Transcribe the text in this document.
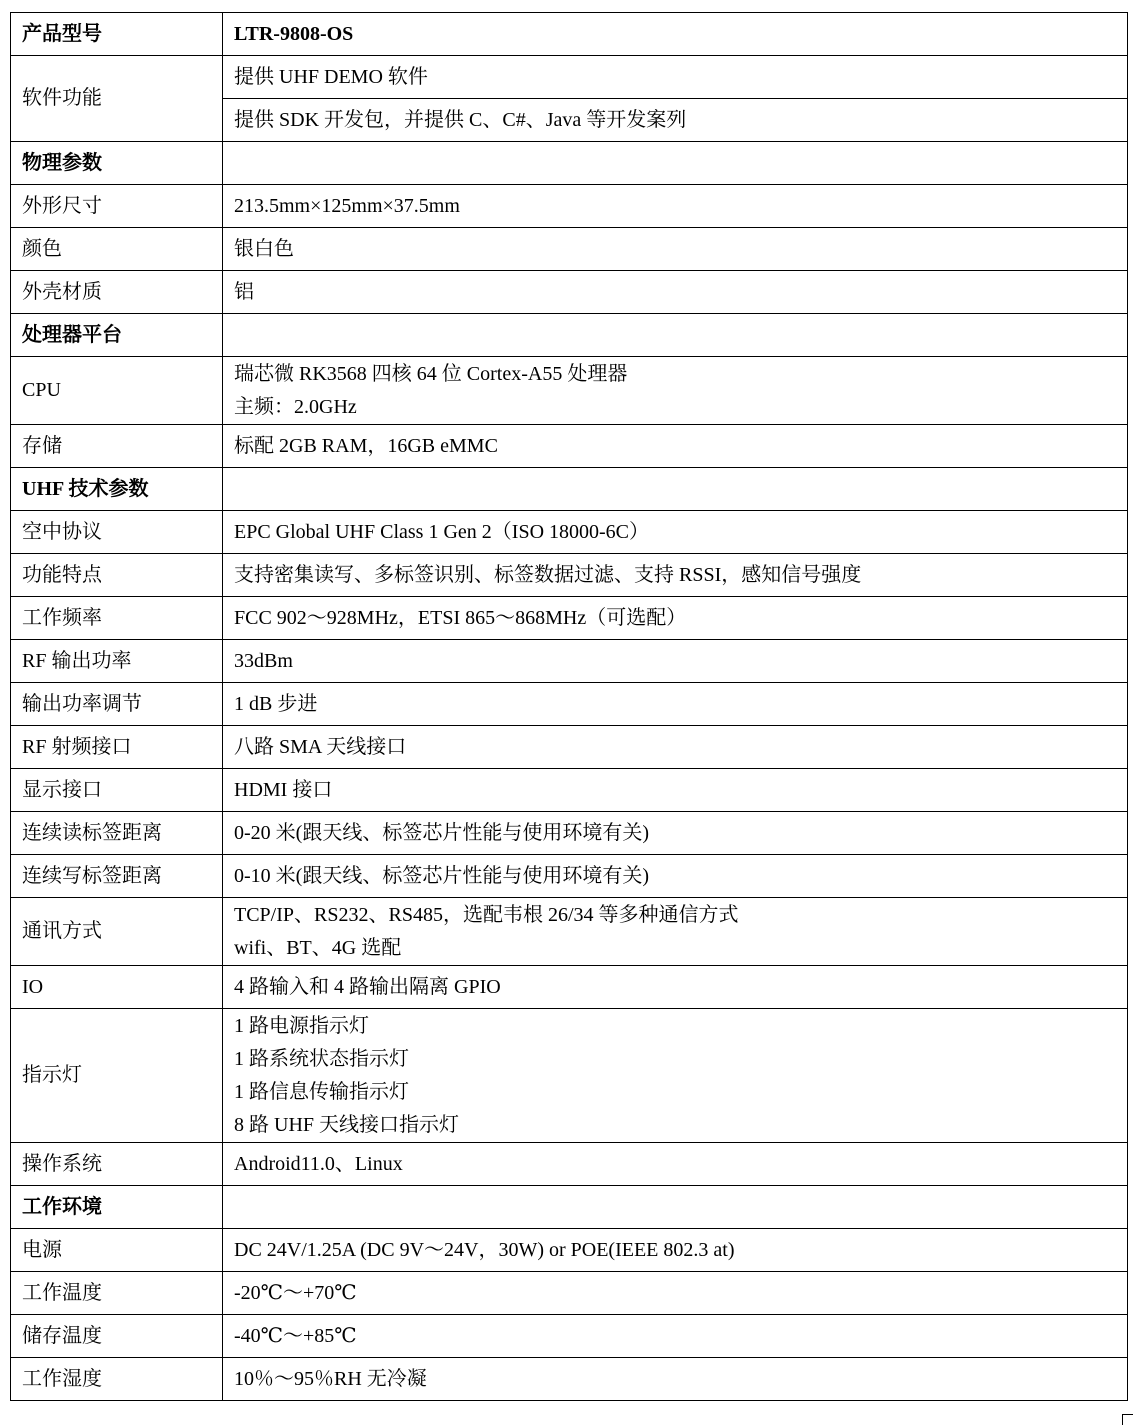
产品型号	LTR-9808-OS
软件功能	提供 UHF DEMO 软件
	提供 SDK 开发包，并提供 C、C#、Java 等开发案列
物理参数	

外形尺寸	213.5mm×125mm×37.5mm

颜色	银白色

外壳材质	铝

处理器平台	

CPU	瑞芯微 RK3568 四核 64 位 Cortex-A55 处理器
主频：2.0GHz

存储	标配 2GB RAM，16GB eMMC

UHF 技术参数	

空中协议	EPC Global UHF Class 1 Gen 2（ISO 18000-6C）

功能特点	支持密集读写、多标签识别、标签数据过滤、支持 RSSI，感知信号强度

工作频率	FCC 902～928MHz，ETSI 865～868MHz（可选配）

RF 输出功率	33dBm

输出功率调节	1 dB 步进

RF 射频接口	八路 SMA 天线接口

显示接口	HDMI 接口

连续读标签距离	0-20 米(跟天线、标签芯片性能与使用环境有关)

连续写标签距离	0-10 米(跟天线、标签芯片性能与使用环境有关)

通讯方式	TCP/IP、RS232、RS485，选配韦根 26/34 等多种通信方式
wifi、BT、4G 选配

IO	4 路输入和 4 路输出隔离 GPIO

指示灯	1 路电源指示灯
1 路系统状态指示灯
1 路信息传输指示灯
8 路 UHF 天线接口指示灯

操作系统	Android11.0、Linux

工作环境	

电源	DC 24V/1.25A (DC 9V～24V，30W) or POE(IEEE 802.3 at)

工作温度	-20℃～+70℃

储存温度	-40℃～+85℃

工作湿度	10％～95％RH 无冷凝
